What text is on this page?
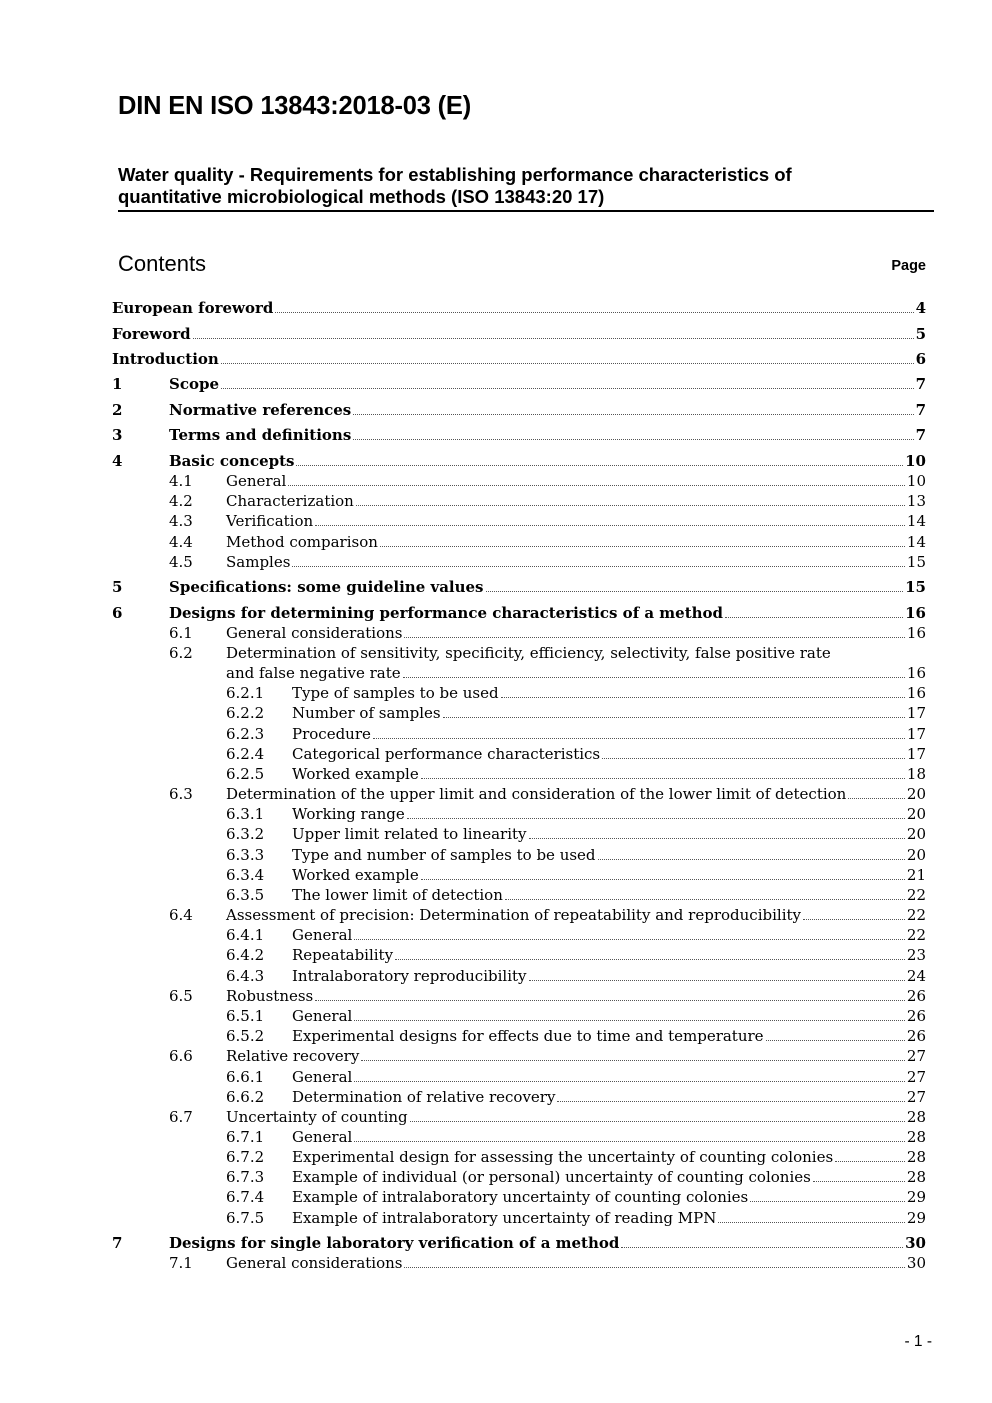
DIN EN ISO 13843:2018-03 (E)
Water quality - Requirements for establishing performance characteristics of
quantitative microbiological methods (ISO 13843:20 17)
Contents	Page
European foreword	4
Foreword	5
Introduction	6
1	Scope	7
2	Normative references	7
3	Terms and definitions	7
4	Basic concepts	10
4.1 General	10
4.2 Characterization	13
4.3 Verification	14
4.4 Method comparison	14
4.5 Samples	15
5	Specifications: some guideline values	15
6	Designs for determining performance characteristics of a method	16
6.1 General considerations	16
6.2 Determination of sensitivity, specificity, efficiency, selectivity, false positive rate
and false negative rate	16
6.2.1 Type of samples to be used	16
6.2.2 Number of samples	17
6.2.3 Procedure	17
6.2.4 Categorical performance characteristics	17
6.2.5 Worked example	18
6.3 Determination of the upper limit and consideration of the lower limit of detection	20
6.3.1 Working range	20
6.3.2 Upper limit related to linearity	20
6.3.3 Type and number of samples to be used	20
6.3.4 Worked example	21
6.3.5 The lower limit of detection	22
6.4 Assessment of precision: Determination of repeatability and reproducibility	22
6.4.1 General	22
6.4.2 Repeatability	23
6.4.3 Intralaboratory reproducibility	24
6.5 Robustness	26
6.5.1 General	26
6.5.2 Experimental designs for effects due to time and temperature	26
6.6 Relative recovery	27
6.6.1 General	27
6.6.2 Determination of relative recovery	27
6.7 Uncertainty of counting	28
6.7.1 General	28
6.7.2 Experimental design for assessing the uncertainty of counting colonies	28
6.7.3 Example of individual (or personal) uncertainty of counting colonies	28
6.7.4 Example of intralaboratory uncertainty of counting colonies	29
6.7.5 Example of intralaboratory uncertainty of reading MPN	29
7	Designs for single laboratory verification of a method	30
7.1 General considerations	30
- 1 -
